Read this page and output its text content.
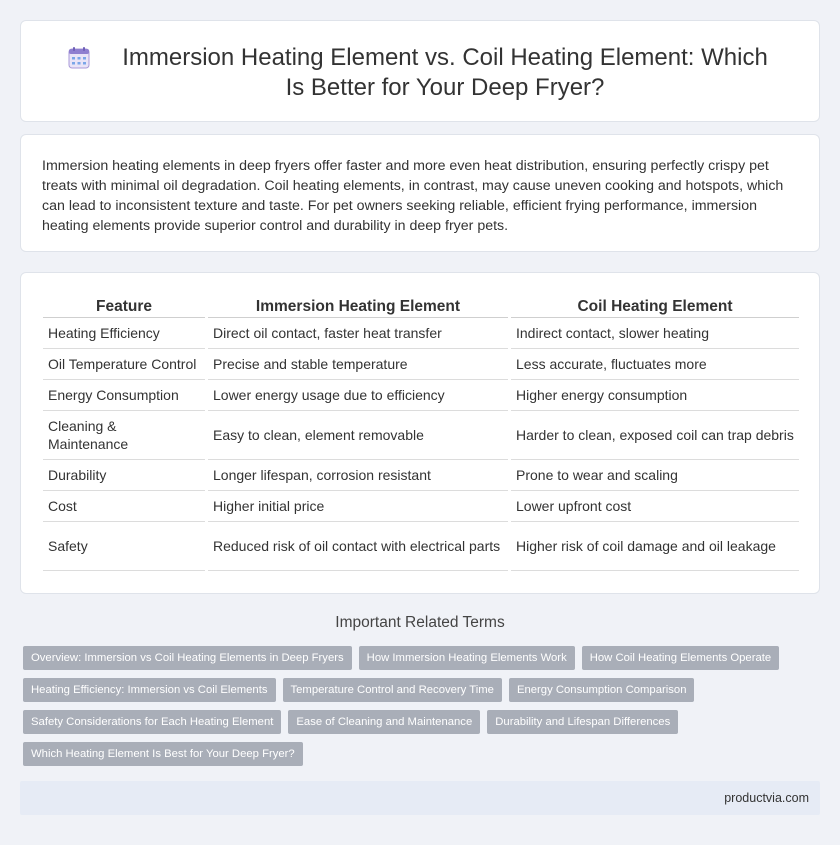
Immersion Heating Element vs. Coil Heating Element: Which Is Better for Your Deep Fryer?

Immersion heating elements in deep fryers offer faster and more even heat distribution, ensuring perfectly crispy pet treats with minimal oil degradation. Coil heating elements, in contrast, may cause uneven cooking and hotspots, which can lead to inconsistent texture and taste. For pet owners seeking reliable, efficient frying performance, immersion heating elements provide superior control and durability in deep fryer pets.

Feature		Immersion Heating Element		Coil Heating Element
Heating Efficiency		Direct oil contact, faster heat transfer		Indirect contact, slower heating
Oil Temperature Control		Precise and stable temperature		Less accurate, fluctuates more
Energy Consumption		Lower energy usage due to efficiency		Higher energy consumption
Cleaning & Maintenance		Easy to clean, element removable		Harder to clean, exposed coil can trap debris
Durability		Longer lifespan, corrosion resistant		Prone to wear and scaling
Cost		Higher initial price		Lower upfront cost
Safety		Reduced risk of oil contact with electrical parts		Higher risk of coil damage and oil leakage
Important Related Terms
Overview: Immersion vs Coil Heating Elements in Deep Fryers	How Immersion Heating Elements Work	How Coil Heating Elements Operate
Heating Efficiency: Immersion vs Coil Elements	Temperature Control and Recovery Time	Energy Consumption Comparison
Safety Considerations for Each Heating Element	Ease of Cleaning and Maintenance	Durability and Lifespan Differences
Which Heating Element Is Best for Your Deep Fryer?
productvia.com
